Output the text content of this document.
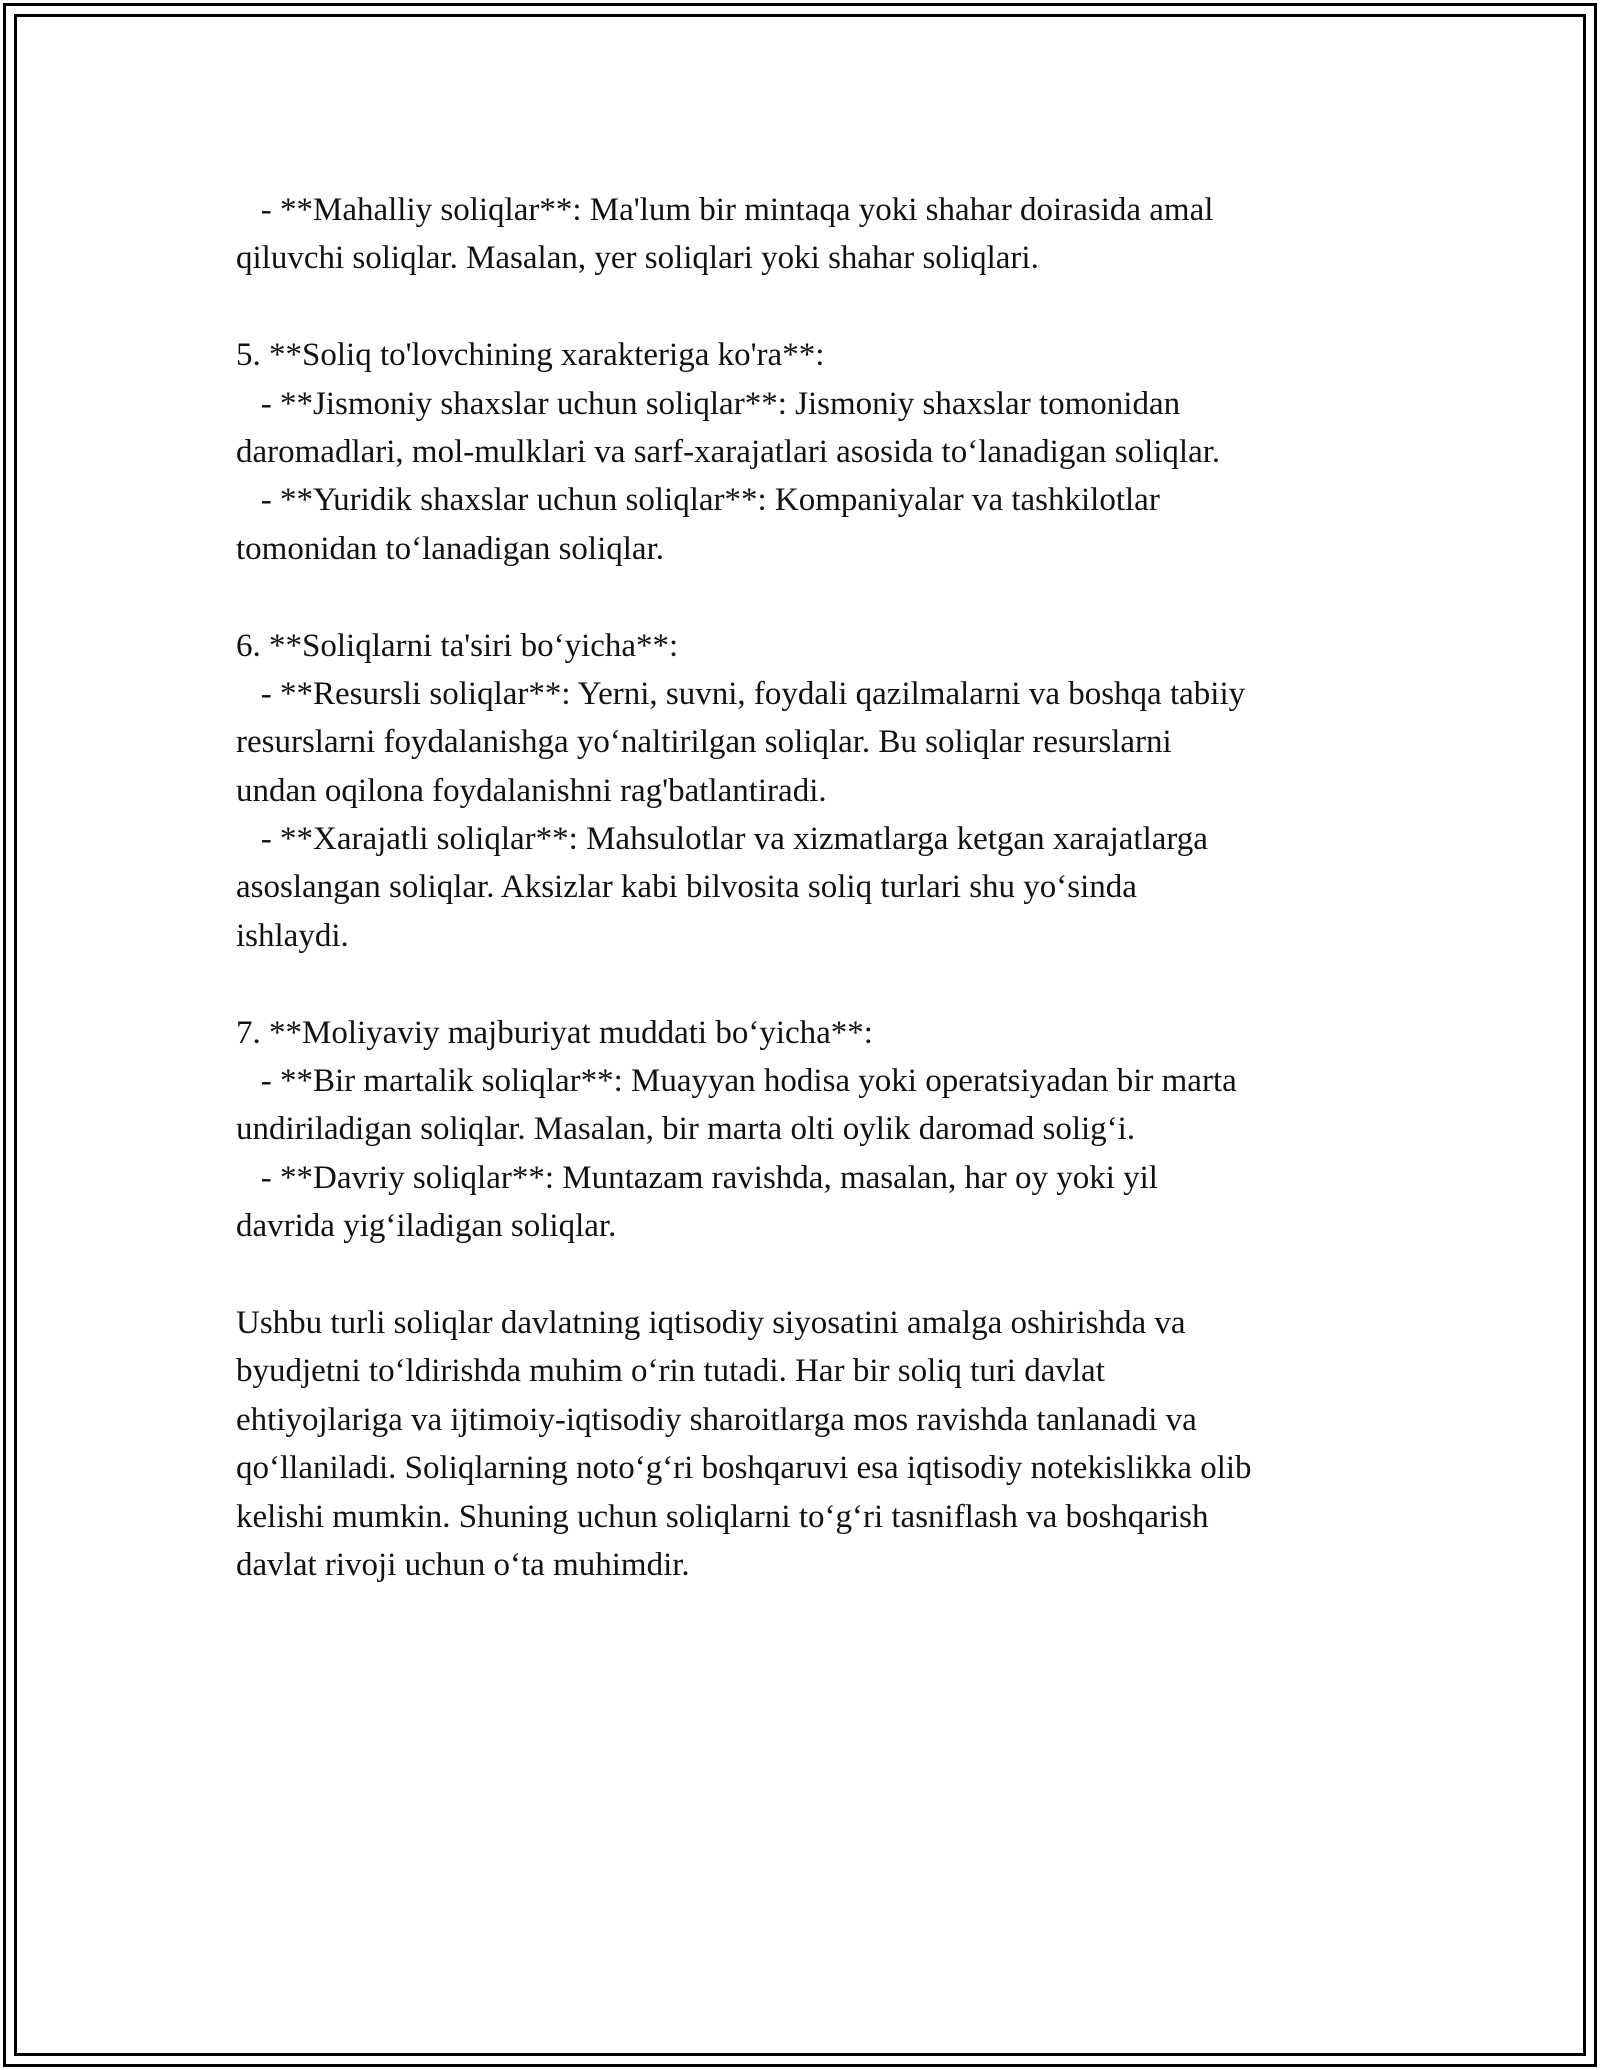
- **Mahalliy soliqlar**: Ma'lum bir mintaqa yoki shahar doirasida amal
qiluvchi soliqlar. Masalan, yer soliqlari yoki shahar soliqlari.
5. **Soliq to'lovchining xarakteriga ko'ra**:
- **Jismoniy shaxslar uchun soliqlar**: Jismoniy shaxslar tomonidan
daromadlari, mol-mulklari va sarf-xarajatlari asosida to‘lanadigan soliqlar.
- **Yuridik shaxslar uchun soliqlar**: Kompaniyalar va tashkilotlar
tomonidan to‘lanadigan soliqlar.
6. **Soliqlarni ta'siri bo‘yicha**:
- **Resursli soliqlar**: Yerni, suvni, foydali qazilmalarni va boshqa tabiiy
resurslarni foydalanishga yo‘naltirilgan soliqlar. Bu soliqlar resurslarni
undan oqilona foydalanishni rag'batlantiradi.
- **Xarajatli soliqlar**: Mahsulotlar va xizmatlarga ketgan xarajatlarga
asoslangan soliqlar. Aksizlar kabi bilvosita soliq turlari shu yo‘sinda
ishlaydi.
7. **Moliyaviy majburiyat muddati bo‘yicha**:
- **Bir martalik soliqlar**: Muayyan hodisa yoki operatsiyadan bir marta
undiriladigan soliqlar. Masalan, bir marta olti oylik daromad solig‘i.
- **Davriy soliqlar**: Muntazam ravishda, masalan, har oy yoki yil
davrida yig‘iladigan soliqlar.
Ushbu turli soliqlar davlatning iqtisodiy siyosatini amalga oshirishda va
byudjetni to‘ldirishda muhim o‘rin tutadi. Har bir soliq turi davlat
ehtiyojlariga va ijtimoiy-iqtisodiy sharoitlarga mos ravishda tanlanadi va
qo‘llaniladi. Soliqlarning noto‘g‘ri boshqaruvi esa iqtisodiy notekislikka olib
kelishi mumkin. Shuning uchun soliqlarni to‘g‘ri tasniflash va boshqarish
davlat rivoji uchun o‘ta muhimdir.
